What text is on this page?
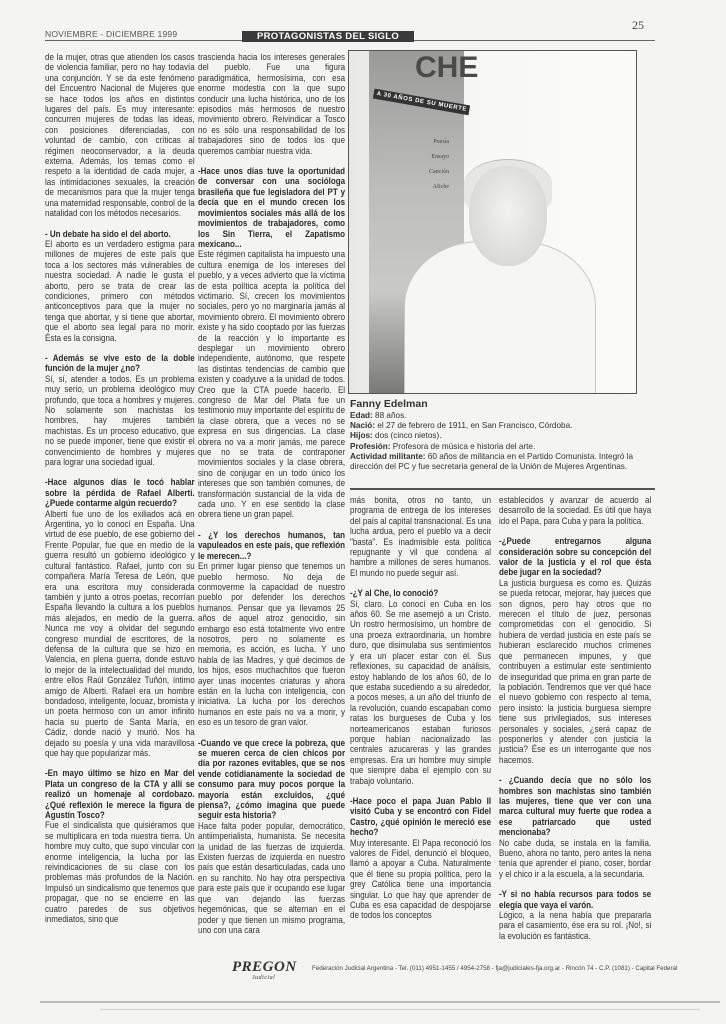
NOVIEMBRE - DICIEMBRE 1999	PROTAGONISTAS DEL SIGLO
25

de la mujer, otras que atienden los casos de violencia familiar, pero no hay todavía una conjunción. Y se da este fenómeno del Encuentro Nacional de Mujeres que se hace todos los años en distintos lugares del país. Es muy interesante: concurren mujeres de todas las ideas, con posiciones diferenciadas, con voluntad de cambio, con críticas al régimen neoconservador, a la deuda externa. Además, los temas como el respeto a la identidad de cada mujer, a las intimidaciones sexuales, la creación de mecanismos para que la mujer tenga una maternidad responsable, control de la natalidad con los métodos necesarios.

- Un debate ha sido el del aborto.
El aborto es un verdadero estigma para millones de mujeres de este país que toca a los sectores más vulnerables de nuestra sociedad. A nadie le gusta el aborto, pero se trata de crear las condiciones, primero con métodos anticonceptivos para que la mujer no tenga que abortar, y si tiene que abortar, que el aborto sea legal para no morir. Ésta es la consigna.

- Además se vive esto de la doble función de la mujer ¿no?
Sí, sí, atender a todos. Es un problema muy serio, un problema ideológico muy profundo, que toca a hombres y mujeres. No solamente son machistas los hombres, hay mujeres también machistas. Es un proceso educativo, que no se puede imponer, tiene que existir el convencimiento de hombres y mujeres para lograr una sociedad igual.

-Hace algunos días le tocó hablar sobre la pérdida de Rafael Alberti. ¿Puede contarme algún recuerdo?
Alberti fue uno de los exiliados acá en Argentina, yo lo conocí en España. Una virtud de ese pueblo, de ese gobierno del Frente Popular, fue que en medio de la guerra resultó un gobierno ideológico y cultural fantástico. Rafael, junto con su compañera María Teresa de León, que era una escritora muy considerada también y junto a otros poetas, recorrían España llevando la cultura a los pueblos más alejados, en medio de la guerra. Nunca me voy a olvidar del segundo congreso mundial de escritores, de la defensa de la cultura que se hizo en Valencia, en plena guerra, donde estuvo lo mejor de la intelectualidad del mundo, entre ellos Raúl González Tuñón, íntimo amigo de Alberti. Rafael era un hombre bondadoso, inteligente, locuaz, bromista y un poeta hermoso con un amor infinito hacia su puerto de Santa María, en Cádiz, donde nació y murió. Nos ha dejado su poesía y una vida maravillosa que hay que popularizar más.

-En mayo último se hizo en Mar del Plata un congreso de la CTA y allí se realizó un homenaje al cordobazo. ¿Qué reflexión le merece la figura de Agustín Tosco?
Fue el sindicalista que quisiéramos que se multiplicara en toda nuestra tierra. Un hombre muy culto, que supo vincular con enorme inteligencia, la lucha por las reivindicaciones de su clase con los problemas más profundos de la Nación. Impulsó un sindicalismo que tenemos que propagar, que no se encierre en las cuatro paredes de sus objetivos inmediatos, sino que

trascienda hacia los intereses generales del pueblo. Fue una figura paradigmática, hermosísima, con esa enorme modestia con la que supo conducir una lucha histórica, uno de los episodios más hermosos de nuestro movimiento obrero. Reivindicar a Tosco no es sólo una responsabilidad de los trabajadores sino de todos los que queremos cambiar nuestra vida.

-Hace unos días tuve la oportunidad de conversar con una socióloga brasileña que fue legisladora del PT y decía que en el mundo crecen los movimientos sociales más allá de los movimientos de trabajadores, como los Sin Tierra, el Zapatismo mexicano...
Este régimen capitalista ha impuesto una cultura enemiga de los intereses del pueblo, y a veces advierto que la víctima de esta política acepta la política del victimario. Sí, crecen los movimientos sociales, pero yo no marginaría jamás al movimiento obrero. El movimiento obrero existe y ha sido cooptado por las fuerzas de la reacción y lo importante es desplegar un movimiento obrero independiente, autónomo, que respete las distintas tendencias de cambio que existen y coadyuve a la unidad de todos. Creo que la CTA puede hacerlo. El congreso de Mar del Plata fue un testimonio muy importante del espíritu de la clase obrera, que a veces no se expresa en sus dirigencias. La clase obrera no va a morir jamás, me parece que no se trata de contraponer movimientos sociales y la clase obrera, sino de conjugar en un todo único los intereses que son también comunes, de transformación sustancial de la vida de cada uno. Y en ese sentido la clase obrera tiene un gran papel.

- ¿Y los derechos humanos, tan vapuleados en este país, que reflexión le merecen...?
En primer lugar pienso que tenemos un pueblo hermoso. No deja de conmoverme la capacidad de nuestro pueblo por defender los derechos humanos. Pensar que ya llevamos 25 años de aquel atroz genocidio, sin embargo eso está totalmente vivo entre nosotros, pero no solamente es memoria, es acción, es lucha. Y uno habla de las Madres, y qué decimos de los hijos, esos muchachitos que fueron ayer unas inocentes criaturas y ahora están en la lucha con inteligencia, con iniciativa. La lucha por los derechos humanos en este país no va a morir, y eso es un tesoro de gran valor.

-Cuando ve que crece la pobreza, que se mueren cerca de cien chicos por día por razones evitables, que se nos vende cotidianamente la sociedad de consumo para muy pocos porque la mayoría están excluidos, ¿qué piensa?, ¿cómo imagina que puede seguir esta historia?
Hace falta poder popular, democrático, antiimperialista, humanista. Se necesita la unidad de las fuerzas de izquierda. Existen fuerzas de izquierda en nuestro país que están desarticuladas, cada uno en su ranchito. No hay otra perspectiva para este país que ir ocupando ese lugar que van dejando las fuerzas hegemónicas, que se alternan en el poder y que tienen un mismo programa, uno con una cara

CHE
A 30 AÑOS DE SU MUERTE
Poesía
Ensayo
Canción
Afiche
Fanny Edelman
Edad: 88 años.
Nació: el 27 de febrero de 1911, en San Francisco, Córdoba.
Hijos: dos (cinco nietos).
Profesión: Profesora de música e historia del arte.
Actividad militante: 60 años de militancia en el Partido Comunista. Integró la dirección del PC y fue secretaria general de la Unión de Mujeres Argentinas.

más bonita, otros no tanto, un programa de entrega de los intereses del país al capital transnacional. Es una lucha ardua, pero el pueblo va a decir "basta". Es inadmisible esta política repugnante y vil que condena al hambre a millones de seres humanos. El mundo no puede seguir así.

-¿Y al Che, lo conoció?
Sí, claro. Lo conocí en Cuba en los años 60. Se me asemejó a un Cristo. Un rostro hermosísimo, un hombre de una proeza extraordinaria, un hombre duro, que disimulaba sus sentimientos y era un placer estar con él. Sus reflexiones, su capacidad de análisis, estoy hablando de los años 60, de lo que estaba sucediendo a su alrededor, a pocos meses, a un año del triunfo de la revolución, cuando escapaban como ratas los burgueses de Cuba y los norteamericanos estaban furiosos porque habían nacionalizado las centrales azucareras y las grandes empresas. Era un hombre muy simple que siempre daba el ejemplo con su trabajo voluntario.

-Hace poco el papa Juan Pablo II visitó Cuba y se encontró con Fidel Castro, ¿qué opinión le mereció ese hecho?
Muy interesante. El Papa reconoció los valores de Fidel, denunció el bloqueo, llamó a apoyar a Cuba. Naturalmente que él tiene su propia política, pero la grey Católica tiene una importancia singular. Lo que hay que aprender de Cuba es esa capacidad de despojarse de todos los conceptos

establecidos y avanzar de acuerdo al desarrollo de la sociedad. Es útil que haya ido el Papa, para Cuba y para la política.

-¿Puede entregarnos alguna consideración sobre su concepción del valor de la justicia y el rol que ésta debe jugar en la sociedad?
La justicia burguesa es como es. Quizás se pueda retocar, mejorar, hay jueces que son dignos, pero hay otros que no merecen el título de juez, personas comprometidas con el genocidio. Si hubiera de verdad justicia en este país se hubieran esclarecido muchos crímenes que permanecen impunes, y que contribuyen a estimular este sentimiento de inseguridad que prima en gran parte de la población. Tendremos que ver qué hace el nuevo gobierno con respecto al tema, pero insisto: la justicia burguesa siempre tiene sus privilegiados, sus intereses personales y sociales, ¿será capaz de posponerlos y atender con justicia la justicia? Ése es un interrogante que nos hacemos.

- ¿Cuando decía que no sólo los hombres son machistas sino también las mujeres, tiene que ver con una marca cultural muy fuerte que rodea a ese patriarcado que usted mencionaba?
No cabe duda, se instala en la familia. Bueno, ahora no tanto, pero antes la nena tenía que aprender el piano, coser, bordar y el chico ir a la escuela, a la secundaria.

-Y si no había recursos para todos se elegía que vaya el varón.
Lógico, a la nena había que prepararla para el casamiento, ése era su rol. ¡No!, si la evolución es fantástica.

PREGON
Judicial
Federación Judicial Argentina - Tel. (011) 4951-1455 / 4954-2758 - fja@judiciales-fja.org.ar - Rincón 74 - C.P. (1081) - Capital Federal
